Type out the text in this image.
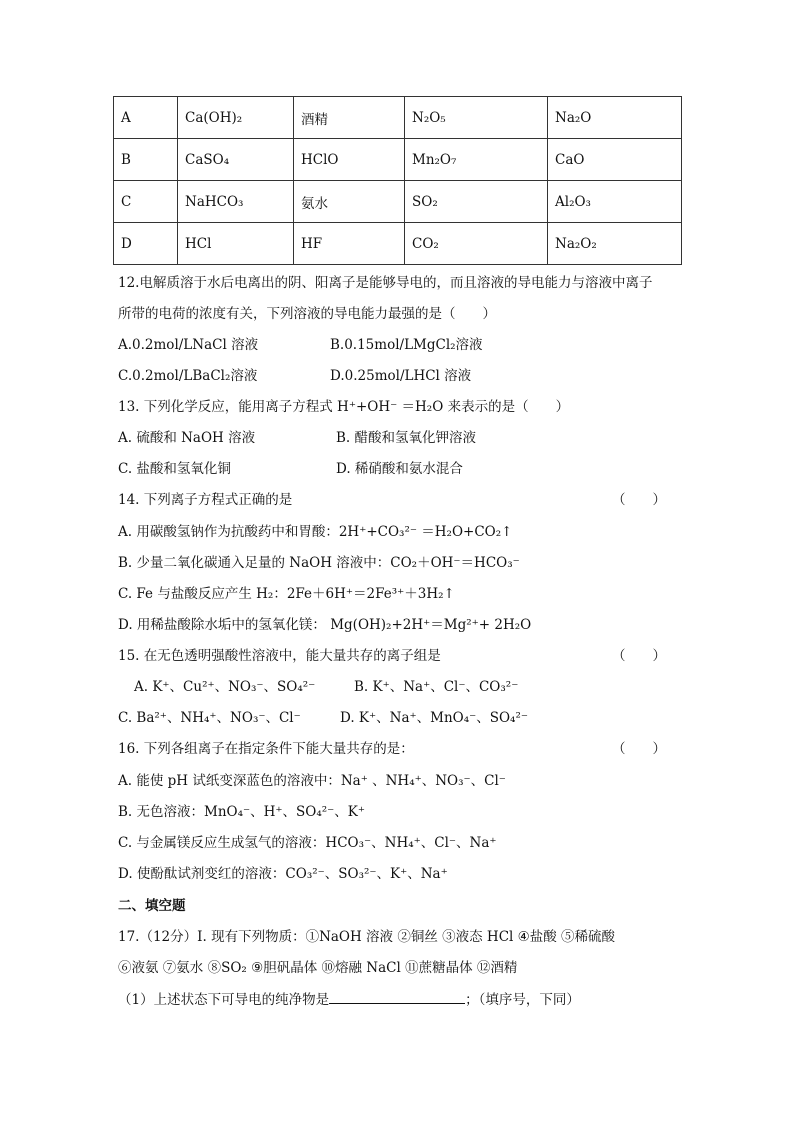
A	Ca(OH)₂	酒精	N₂O₅	Na₂O
B	CaSO₄	HClO	Mn₂O₇	CaO
C	NaHCO₃	氨水	SO₂	Al₂O₃
D	HCl	HF	CO₂	Na₂O₂
12.电解质溶于水后电离出的阴、阳离子是能够导电的，而且溶液的导电能力与溶液中离子
所带的电荷的浓度有关，下列溶液的导电能力最强的是（　　）
A.0.2mol/LNaCl 溶液	B.0.15mol/LMgCl₂溶液
C.0.2mol/LBaCl₂溶液	D.0.25mol/LHCl 溶液
13. 下列化学反应，能用离子方程式 H⁺+OH⁻ ＝H₂O 来表示的是（　　）
A. 硫酸和 NaOH 溶液	B. 醋酸和氢氧化钾溶液
C. 盐酸和氢氧化铜	D. 稀硝酸和氨水混合
14. 下列离子方程式正确的是	（　　）
A. 用碳酸氢钠作为抗酸药中和胃酸：2H⁺+CO₃²⁻ ＝H₂O+CO₂↑
B. 少量二氧化碳通入足量的 NaOH 溶液中：CO₂＋OH⁻＝HCO₃⁻
C. Fe 与盐酸反应产生 H₂：2Fe＋6H⁺＝2Fe³⁺＋3H₂↑
D. 用稀盐酸除水垢中的氢氧化镁： Mg(OH)₂+2H⁺＝Mg²⁺+ 2H₂O
15. 在无色透明强酸性溶液中，能大量共存的离子组是	（　　）
A. K⁺、Cu²⁺、NO₃⁻、SO₄²⁻	B. K⁺、Na⁺、Cl⁻、CO₃²⁻
C. Ba²⁺、NH₄⁺、NO₃⁻、Cl⁻	D. K⁺、Na⁺、MnO₄⁻、SO₄²⁻
16. 下列各组离子在指定条件下能大量共存的是：	（　　）
A. 能使 pH 试纸变深蓝色的溶液中：Na⁺ 、NH₄⁺、NO₃⁻、Cl⁻
B. 无色溶液：MnO₄⁻、H⁺、SO₄²⁻、K⁺
C. 与金属镁反应生成氢气的溶液：HCO₃⁻、NH₄⁺、Cl⁻、Na⁺
D. 使酚酞试剂变红的溶液：CO₃²⁻、SO₃²⁻、K⁺、Na⁺
二、填空题
17.（12分）Ⅰ. 现有下列物质：①NaOH 溶液 ②铜丝 ③液态 HCl ④盐酸 ⑤稀硫酸
⑥液氨 ⑦氨水 ⑧SO₂ ⑨胆矾晶体 ⑩熔融 NaCl ⑪蔗糖晶体 ⑫酒精
（1）上述状态下可导电的纯净物是	；（填序号，下同）
